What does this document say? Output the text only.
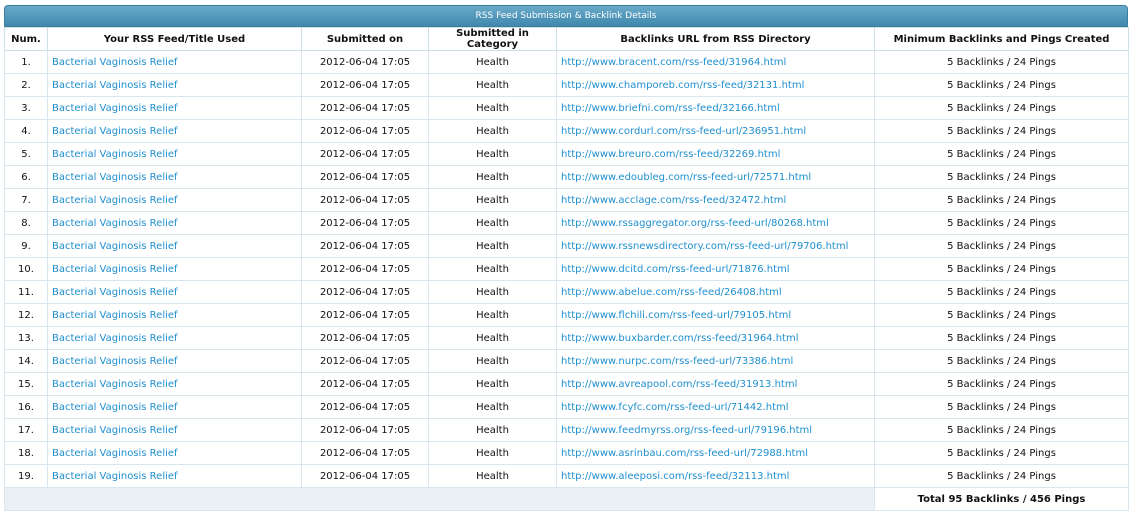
RSS Feed Submission & Backlink Details
Num.	Your RSS Feed/Title Used	Submitted on	Submitted in Category	Backlinks URL from RSS Directory	Minimum Backlinks and Pings Created
1.	Bacterial Vaginosis Relief	2012-06-04 17:05	Health	http://www.bracent.com/rss-feed/31964.html	5 Backlinks / 24 Pings
2.	Bacterial Vaginosis Relief	2012-06-04 17:05	Health	http://www.champoreb.com/rss-feed/32131.html	5 Backlinks / 24 Pings
3.	Bacterial Vaginosis Relief	2012-06-04 17:05	Health	http://www.briefni.com/rss-feed/32166.html	5 Backlinks / 24 Pings
4.	Bacterial Vaginosis Relief	2012-06-04 17:05	Health	http://www.cordurl.com/rss-feed-url/236951.html	5 Backlinks / 24 Pings
5.	Bacterial Vaginosis Relief	2012-06-04 17:05	Health	http://www.breuro.com/rss-feed/32269.html	5 Backlinks / 24 Pings
6.	Bacterial Vaginosis Relief	2012-06-04 17:05	Health	http://www.edoubleg.com/rss-feed-url/72571.html	5 Backlinks / 24 Pings
7.	Bacterial Vaginosis Relief	2012-06-04 17:05	Health	http://www.acclage.com/rss-feed/32472.html	5 Backlinks / 24 Pings
8.	Bacterial Vaginosis Relief	2012-06-04 17:05	Health	http://www.rssaggregator.org/rss-feed-url/80268.html	5 Backlinks / 24 Pings
9.	Bacterial Vaginosis Relief	2012-06-04 17:05	Health	http://www.rssnewsdirectory.com/rss-feed-url/79706.html	5 Backlinks / 24 Pings
10.	Bacterial Vaginosis Relief	2012-06-04 17:05	Health	http://www.dcitd.com/rss-feed-url/71876.html	5 Backlinks / 24 Pings
11.	Bacterial Vaginosis Relief	2012-06-04 17:05	Health	http://www.abelue.com/rss-feed/26408.html	5 Backlinks / 24 Pings
12.	Bacterial Vaginosis Relief	2012-06-04 17:05	Health	http://www.flchili.com/rss-feed-url/79105.html	5 Backlinks / 24 Pings
13.	Bacterial Vaginosis Relief	2012-06-04 17:05	Health	http://www.buxbarder.com/rss-feed/31964.html	5 Backlinks / 24 Pings
14.	Bacterial Vaginosis Relief	2012-06-04 17:05	Health	http://www.nurpc.com/rss-feed-url/73386.html	5 Backlinks / 24 Pings
15.	Bacterial Vaginosis Relief	2012-06-04 17:05	Health	http://www.avreapool.com/rss-feed/31913.html	5 Backlinks / 24 Pings
16.	Bacterial Vaginosis Relief	2012-06-04 17:05	Health	http://www.fcyfc.com/rss-feed-url/71442.html	5 Backlinks / 24 Pings
17.	Bacterial Vaginosis Relief	2012-06-04 17:05	Health	http://www.feedmyrss.org/rss-feed-url/79196.html	5 Backlinks / 24 Pings
18.	Bacterial Vaginosis Relief	2012-06-04 17:05	Health	http://www.asrinbau.com/rss-feed-url/72988.html	5 Backlinks / 24 Pings
19.	Bacterial Vaginosis Relief	2012-06-04 17:05	Health	http://www.aleeposi.com/rss-feed/32113.html	5 Backlinks / 24 Pings
					Total 95 Backlinks / 456 Pings
